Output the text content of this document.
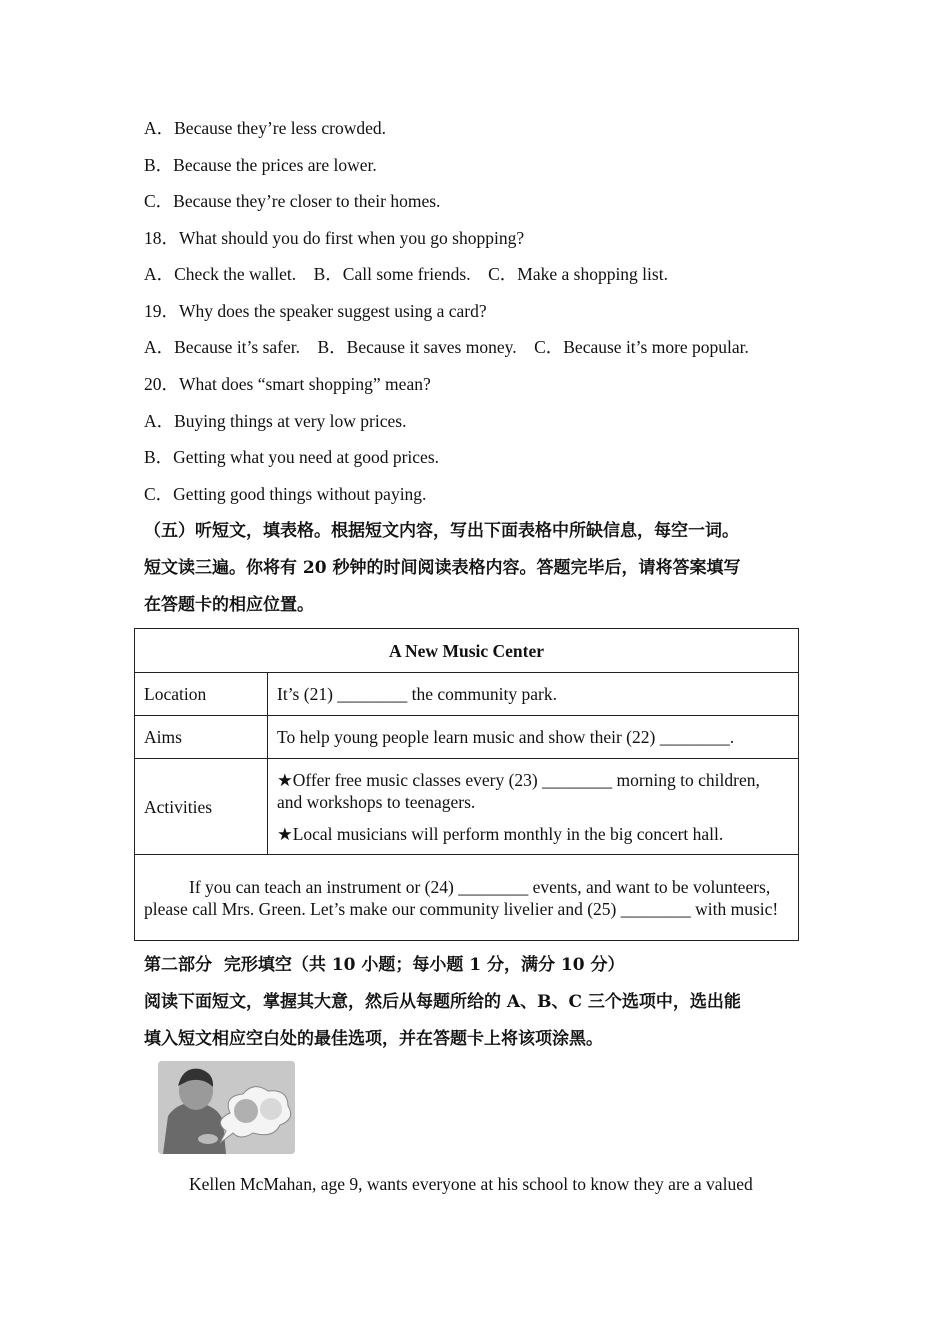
A．Because they’re less crowded.
B．Because the prices are lower.
C．Because they’re closer to their homes.
18．What should you do first when you go shopping?
A．Check the wallet.    B．Call some friends.    C．Make a shopping list.
19．Why does the speaker suggest using a card?
A．Because it’s safer.    B．Because it saves money.    C．Because it’s more popular.
20．What does “smart shopping” mean?
A．Buying things at very low prices.
B．Getting what you need at good prices.
C．Getting good things without paying.
（五）听短文，填表格。根据短文内容，写出下面表格中所缺信息，每空一词。
短文读三遍。你将有 20 秒钟的时间阅读表格内容。答题完毕后，请将答案填写
在答题卡的相应位置。
A New Music Center	
Location	It’s (21) ________ the community park.
Aims	To help young people learn music and show their (22) ________.
Activities	★Offer free music classes every (23) ________ morning to children, and workshops to teenagers.

★Local musicians will perform monthly in the big concert hall.

If you can teach an instrument or (24) ________ events, and want to be volunteers, please call Mrs. Green. Let’s make our community livelier and (25) ________ with music!	
第二部分  完形填空（共 10 小题；每小题 1 分，满分 10 分）
阅读下面短文，掌握其大意，然后从每题所给的 A、B、C 三个选项中，选出能
填入短文相应空白处的最佳选项，并在答题卡上将该项涂黑。
Kellen McMahan, age 9, wants everyone at his school to know they are a valued
